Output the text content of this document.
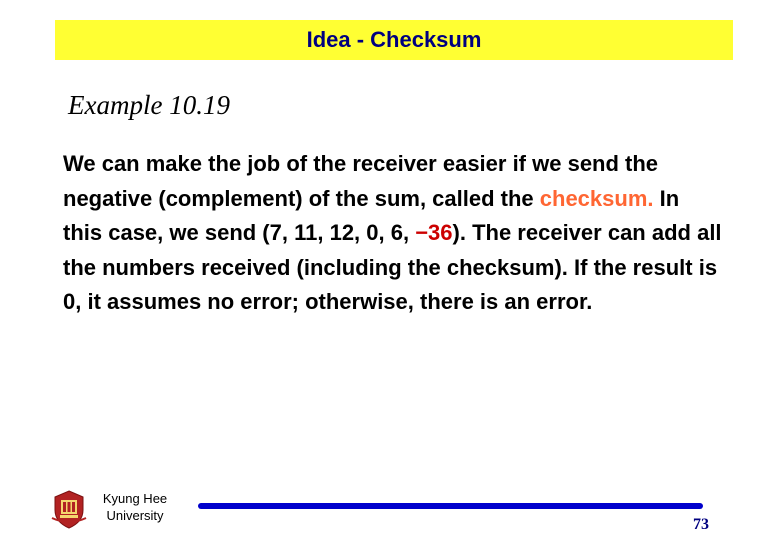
Idea - Checksum
Example 10.19
We can make the job of the receiver easier if we send the negative (complement) of the sum, called the checksum. In this case, we send (7, 11, 12, 0, 6, −36). The receiver can add all the numbers received (including the checksum). If the result is 0, it assumes no error; otherwise, there is an error.
Kyung Hee
University
73
